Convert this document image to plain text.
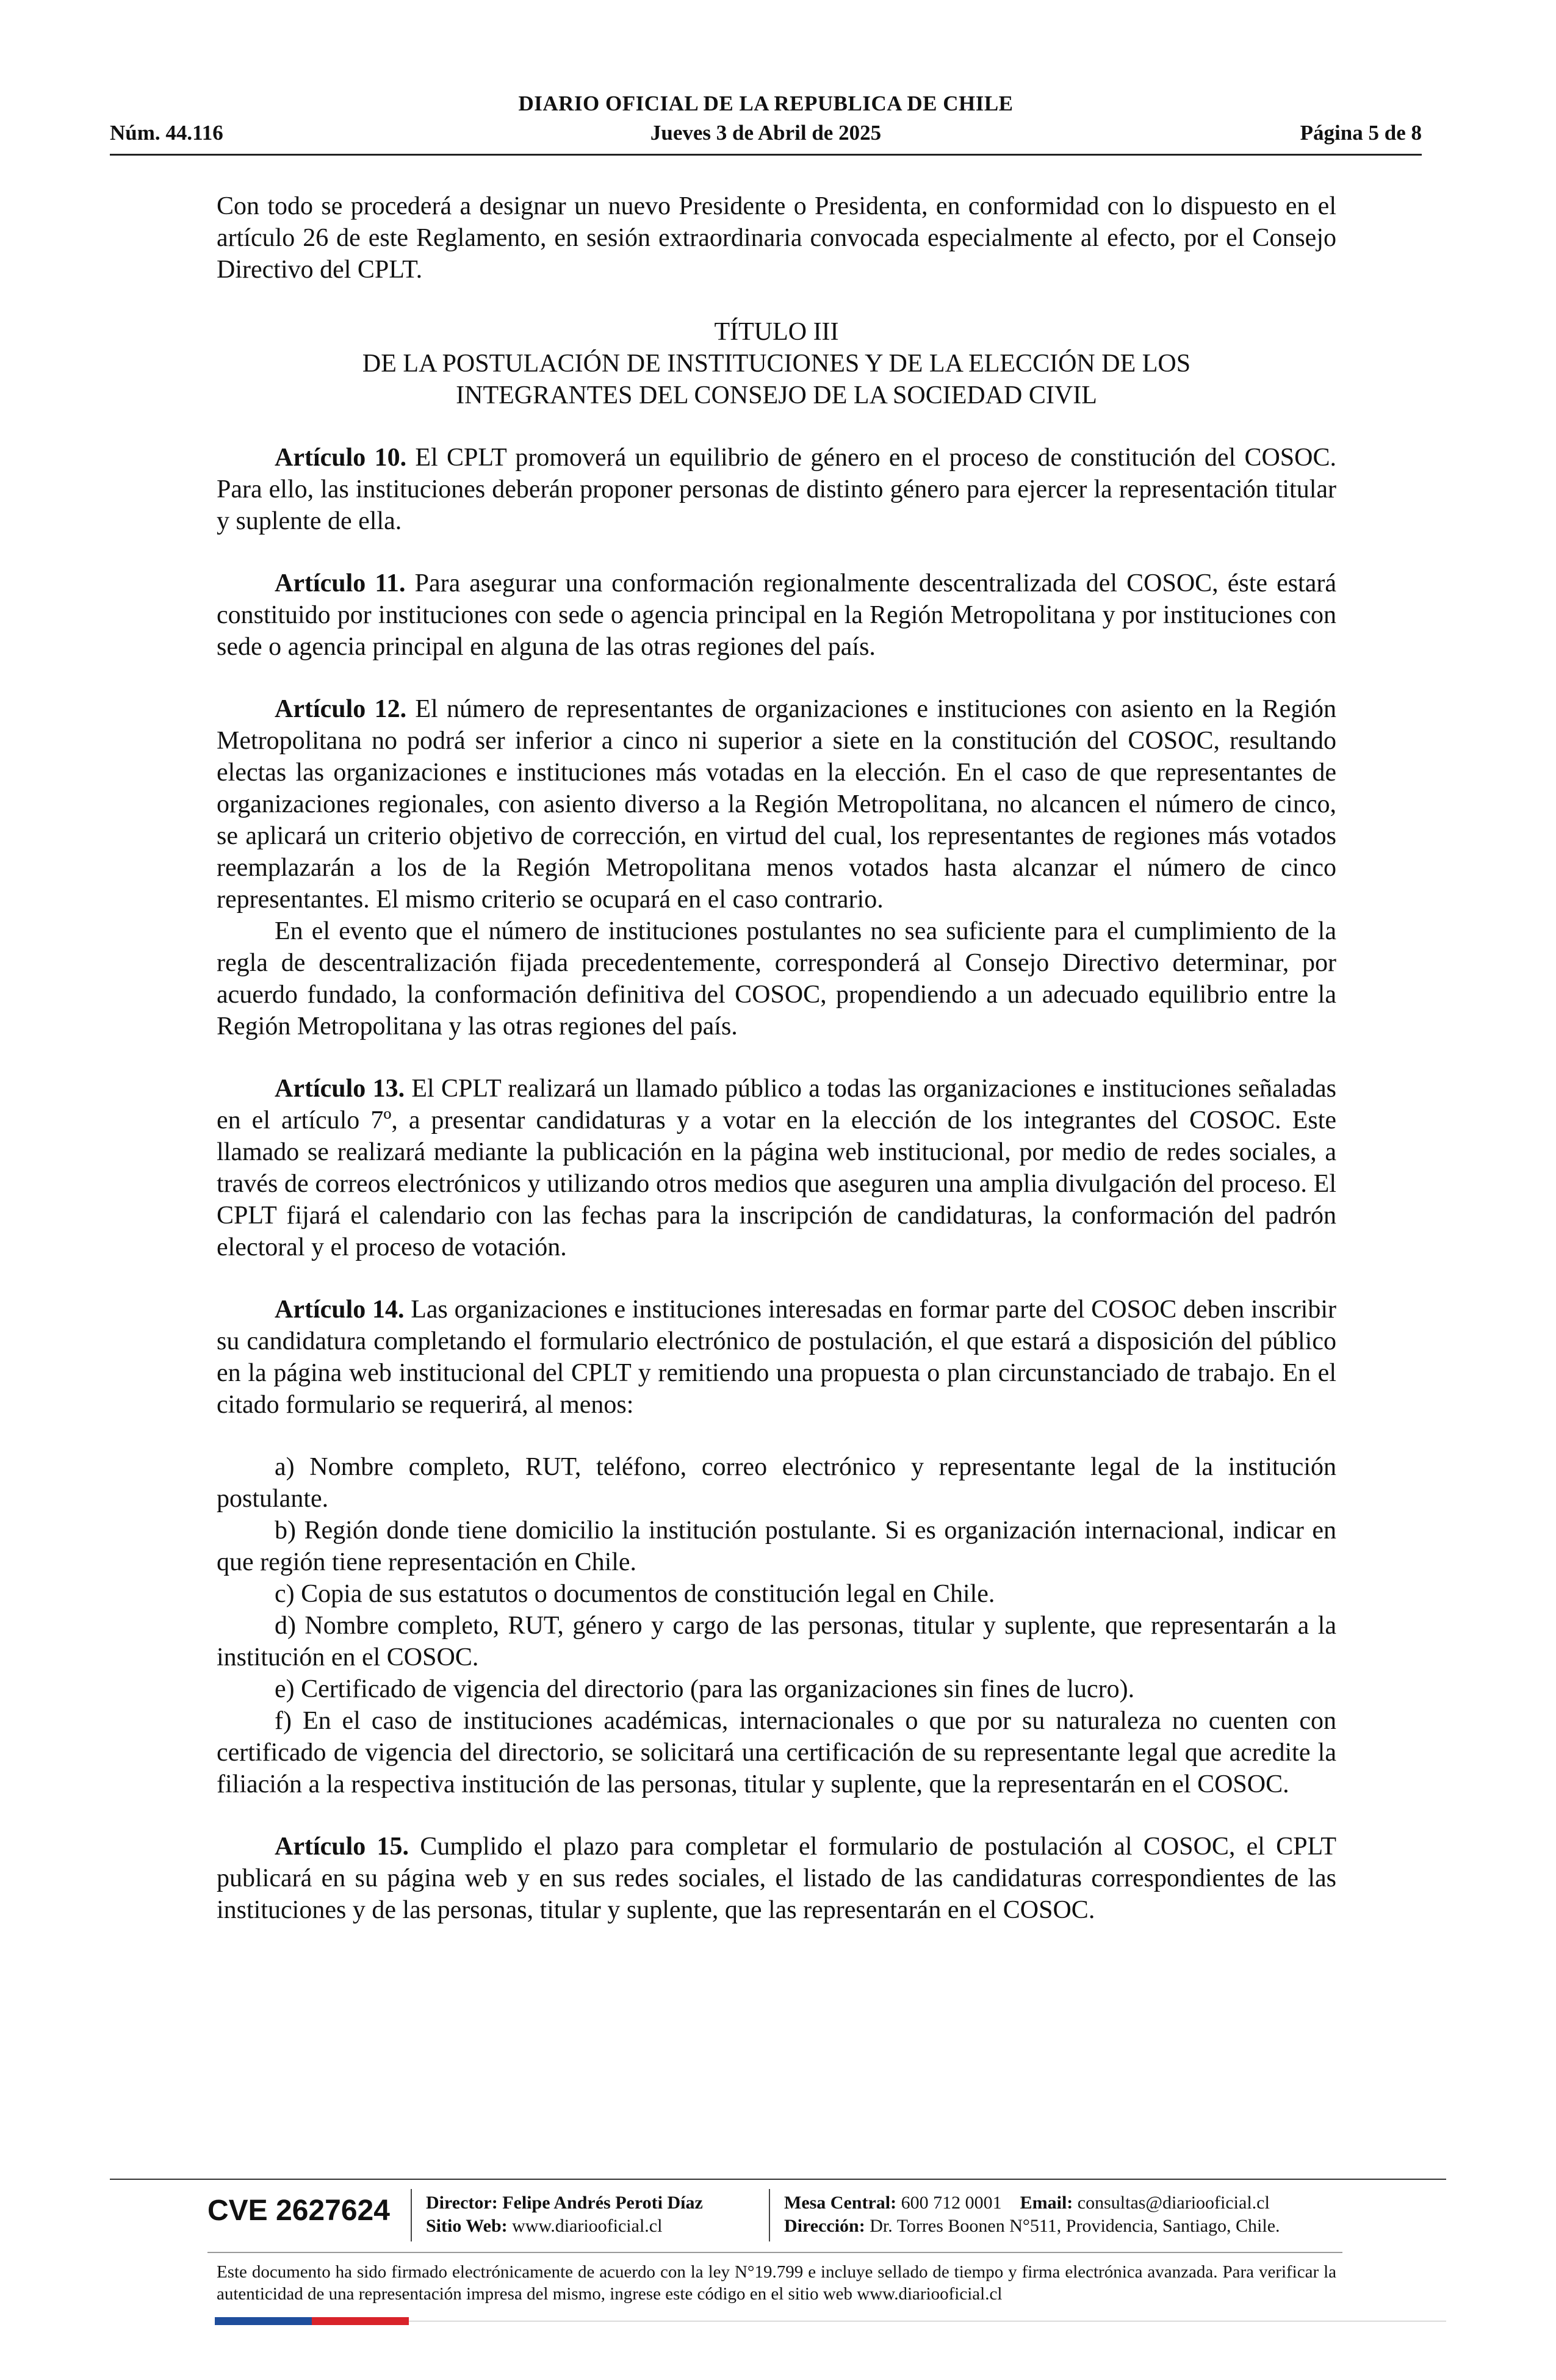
DIARIO OFICIAL DE LA REPUBLICA DE CHILE
Núm. 44.116	Jueves 3 de Abril de 2025	Página 5 de 8

Con todo se procederá a designar un nuevo Presidente o Presidenta, en conformidad con lo dispuesto en el artículo 26 de este Reglamento, en sesión extraordinaria convocada especialmente al efecto, por el Consejo Directivo del CPLT.

TÍTULO III
DE LA POSTULACIÓN DE INSTITUCIONES Y DE LA ELECCIÓN DE LOS
INTEGRANTES DEL CONSEJO DE LA SOCIEDAD CIVIL

Artículo 10. El CPLT promoverá un equilibrio de género en el proceso de constitución del COSOC. Para ello, las instituciones deberán proponer personas de distinto género para ejercer la representación titular y suplente de ella.

Artículo 11. Para asegurar una conformación regionalmente descentralizada del COSOC, éste estará constituido por instituciones con sede o agencia principal en la Región Metropolitana y por instituciones con sede o agencia principal en alguna de las otras regiones del país.

Artículo 12. El número de representantes de organizaciones e instituciones con asiento en la Región Metropolitana no podrá ser inferior a cinco ni superior a siete en la constitución del COSOC, resultando electas las organizaciones e instituciones más votadas en la elección. En el caso de que representantes de organizaciones regionales, con asiento diverso a la Región Metropolitana, no alcancen el número de cinco, se aplicará un criterio objetivo de corrección, en virtud del cual, los representantes de regiones más votados reemplazarán a los de la Región Metropolitana menos votados hasta alcanzar el número de cinco representantes. El mismo criterio se ocupará en el caso contrario.

En el evento que el número de instituciones postulantes no sea suficiente para el cumplimiento de la regla de descentralización fijada precedentemente, corresponderá al Consejo Directivo determinar, por acuerdo fundado, la conformación definitiva del COSOC, propendiendo a un adecuado equilibrio entre la Región Metropolitana y las otras regiones del país.

Artículo 13. El CPLT realizará un llamado público a todas las organizaciones e instituciones señaladas en el artículo 7º, a presentar candidaturas y a votar en la elección de los integrantes del COSOC. Este llamado se realizará mediante la publicación en la página web institucional, por medio de redes sociales, a través de correos electrónicos y utilizando otros medios que aseguren una amplia divulgación del proceso. El CPLT fijará el calendario con las fechas para la inscripción de candidaturas, la conformación del padrón electoral y el proceso de votación.

Artículo 14. Las organizaciones e instituciones interesadas en formar parte del COSOC deben inscribir su candidatura completando el formulario electrónico de postulación, el que estará a disposición del público en la página web institucional del CPLT y remitiendo una propuesta o plan circunstanciado de trabajo. En el citado formulario se requerirá, al menos:

a) Nombre completo, RUT, teléfono, correo electrónico y representante legal de la institución postulante.

b) Región donde tiene domicilio la institución postulante. Si es organización internacional, indicar en que región tiene representación en Chile.

c) Copia de sus estatutos o documentos de constitución legal en Chile.

d) Nombre completo, RUT, género y cargo de las personas, titular y suplente, que representarán a la institución en el COSOC.

e) Certificado de vigencia del directorio (para las organizaciones sin fines de lucro).

f) En el caso de instituciones académicas, internacionales o que por su naturaleza no cuenten con certificado de vigencia del directorio, se solicitará una certificación de su representante legal que acredite la filiación a la respectiva institución de las personas, titular y suplente, que la representarán en el COSOC.

Artículo 15. Cumplido el plazo para completar el formulario de postulación al COSOC, el CPLT publicará en su página web y en sus redes sociales, el listado de las candidaturas correspondientes de las instituciones y de las personas, titular y suplente, que las representarán en el COSOC.

CVE 2627624 Director: Felipe Andrés Peroti Díaz
Sitio Web: www.diariooficial.cl
Mesa Central: 600 712 0001 Email: consultas@diariooficial.cl
Dirección: Dr. Torres Boonen N°511, Providencia, Santiago, Chile.
Este documento ha sido firmado electrónicamente de acuerdo con la ley N°19.799 e incluye sellado de tiempo y firma electrónica avanzada. Para verificar la autenticidad de una representación impresa del mismo, ingrese este código en el sitio web www.diariooficial.cl
